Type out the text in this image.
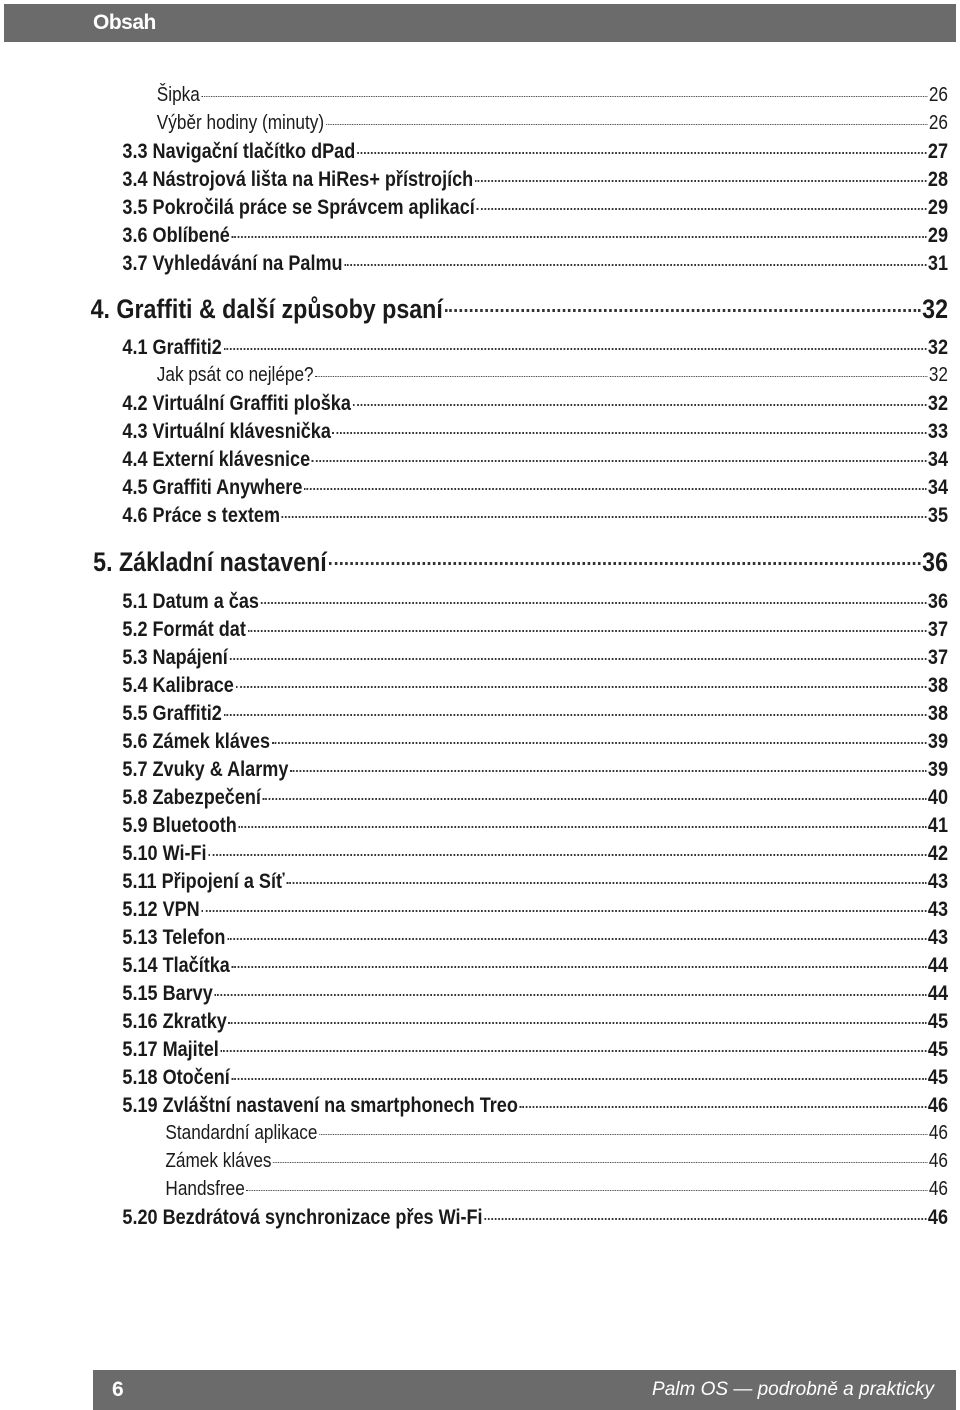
Obsah
Šipka	26
Výběr hodiny (minuty)	26
3.3 Navigační tlačítko dPad	27
3.4 Nástrojová lišta na HiRes+ přístrojích	28
3.5 Pokročilá práce se Správcem aplikací	29
3.6 Oblíbené	29
3.7 Vyhledávání na Palmu	31
4. Graffiti & další způsoby psaní	32
4.1 Graffiti2	32
Jak psát co nejlépe?	32
4.2 Virtuální Graffiti ploška	32
4.3 Virtuální klávesnička	33
4.4 Externí klávesnice	34
4.5 Graffiti Anywhere	34
4.6 Práce s textem	35
5. Základní nastavení	36
5.1 Datum a čas	36
5.2 Formát dat	37
5.3 Napájení	37
5.4 Kalibrace	38
5.5 Graffiti2	38
5.6 Zámek kláves	39
5.7 Zvuky & Alarmy	39
5.8 Zabezpečení	40
5.9 Bluetooth	41
5.10 Wi-Fi	42
5.11 Připojení a Síť	43
5.12 VPN	43
5.13 Telefon	43
5.14 Tlačítka	44
5.15 Barvy	44
5.16 Zkratky	45
5.17 Majitel	45
5.18 Otočení	45
5.19 Zvláštní nastavení na smartphonech Treo	46
Standardní aplikace	46
Zámek kláves	46
Handsfree	46
5.20 Bezdrátová synchronizace přes Wi-Fi	46
6	Palm OS — podrobně a prakticky
